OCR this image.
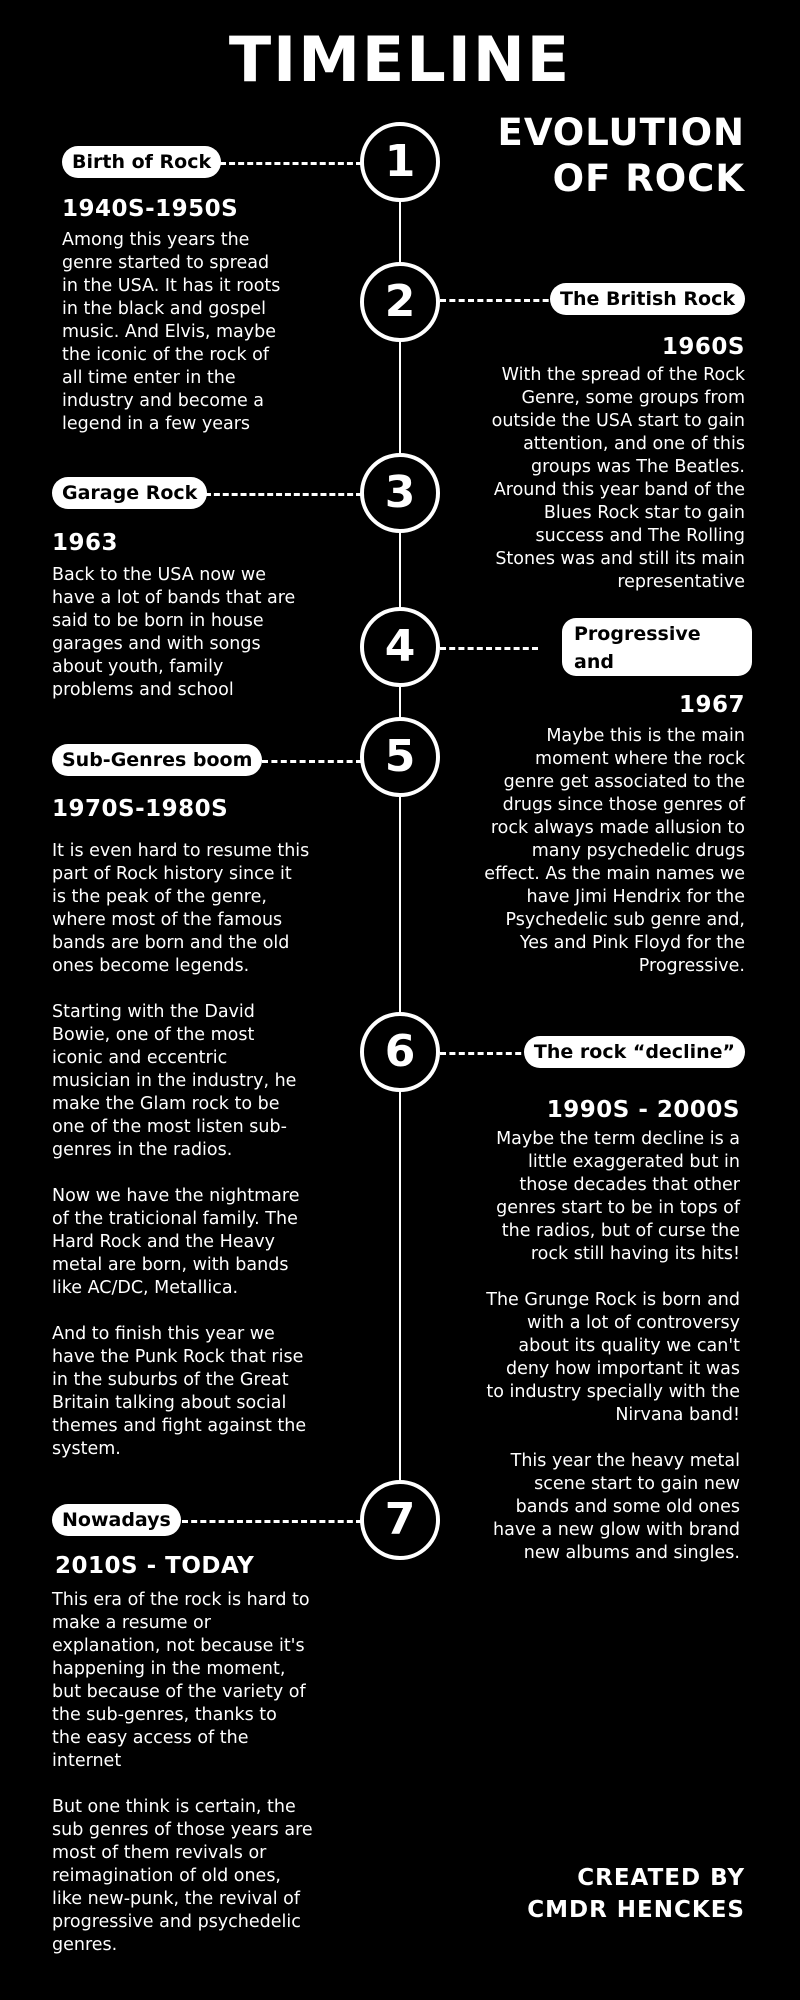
TIMELINE
EVOLUTION
OF ROCK
Birth of Rock	1
1940S-1950S
Among this years the
genre started to spread
in the USA. It has it roots
in the black and gospel
music. And Elvis, maybe
the iconic of the rock of
all time enter in the
industry and become a
legend in a few years
The British Rock
2
1960S
With the spread of the Rock
Genre, some groups from
outside the USA start to gain
attention, and one of this
groups was The Beatles.
Around this year band of the
Blues Rock star to gain
success and The Rolling
Stones was and still its main
representative
Garage Rock	3
1963
Back to the USA now we
have a lot of bands that are
said to be born in house
garages and with songs
about youth, family
problems and school
Progressive and Psychedelic Rock
4
1967
Maybe this is the main
moment where the rock
genre get associated to the
drugs since those genres of
rock always made allusion to
many psychedelic drugs
effect. As the main names we
have Jimi Hendrix for the
Psychedelic sub genre and,
Yes and Pink Floyd for the
Progressive.
Sub-Genres boom	5
1970S-1980S
It is even hard to resume this
part of Rock history since it
is the peak of the genre,
where most of the famous
bands are born and the old
ones become legends.

Starting with the David
Bowie, one of the most
iconic and eccentric
musician in the industry, he
make the Glam rock to be
one of the most listen sub-
genres in the radios.

Now we have the nightmare
of the traticional family. The
Hard Rock and the Heavy
metal are born, with bands
like AC/DC, Metallica.

And to finish this year we
have the Punk Rock that rise
in the suburbs of the Great
Britain talking about social
themes and fight against the
system.
The rock “decline”
6
1990S - 2000S
Maybe the term decline is a
little exaggerated but in
those decades that other
genres start to be in tops of
the radios, but of curse the
rock still having its hits!

The Grunge Rock is born and
with a lot of controversy
about its quality we can't
deny how important it was
to industry specially with the
Nirvana band!

This year the heavy metal
scene start to gain new
bands and some old ones
have a new glow with brand
new albums and singles.
Nowadays	7
2010S - TODAY
This era of the rock is hard to
make a resume or
explanation, not because it's
happening in the moment,
but because of the variety of
the sub-genres, thanks to
the easy access of the
internet

But one think is certain, the
sub genres of those years are
most of them revivals or
reimagination of old ones,
like new-punk, the revival of
progressive and psychedelic
genres.
CREATED BY
CMDR HENCKES
